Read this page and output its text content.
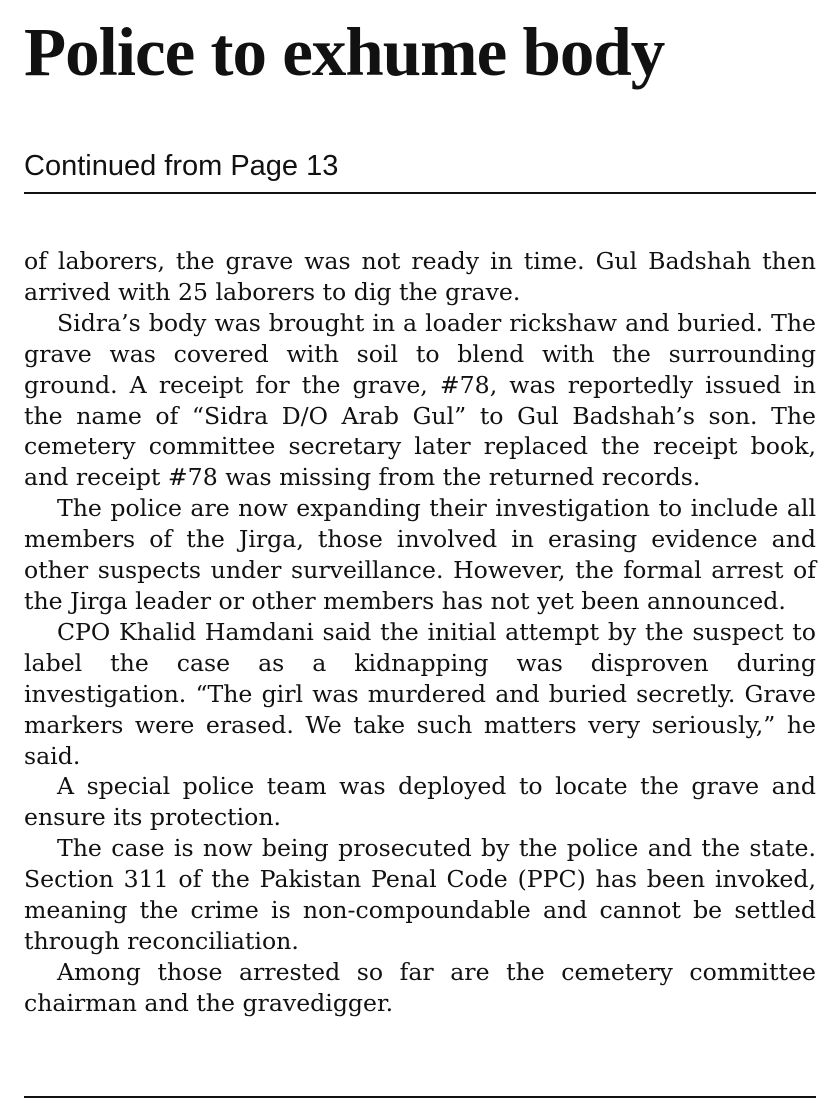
Police to exhume body
Continued from Page 13

of laborers, the grave was not ready in time. Gul Badshah then arrived with 25 laborers to dig the grave.

Sidra’s body was brought in a loader rickshaw and buried. The grave was covered with soil to blend with the surrounding ground. A receipt for the grave, #78, was reportedly issued in the name of “Sidra D/O Arab Gul” to Gul Badshah’s son. The cemetery committee secretary later replaced the receipt book, and receipt #78 was missing from the returned records.

The police are now expanding their investigation to include all members of the Jirga, those involved in erasing evidence and other suspects under surveillance. However, the formal arrest of the Jirga leader or other members has not yet been announced.

CPO Khalid Hamdani said the initial attempt by the suspect to label the case as a kidnapping was disproven during investigation. “The girl was murdered and buried secretly. Grave markers were erased. We take such matters very seriously,” he said.

A special police team was deployed to locate the grave and ensure its protection.

The case is now being prosecuted by the police and the state. Section 311 of the Pakistan Penal Code (PPC) has been invoked, meaning the crime is non-compoundable and cannot be settled through reconciliation.

Among those arrested so far are the cemetery committee chairman and the gravedigger.
